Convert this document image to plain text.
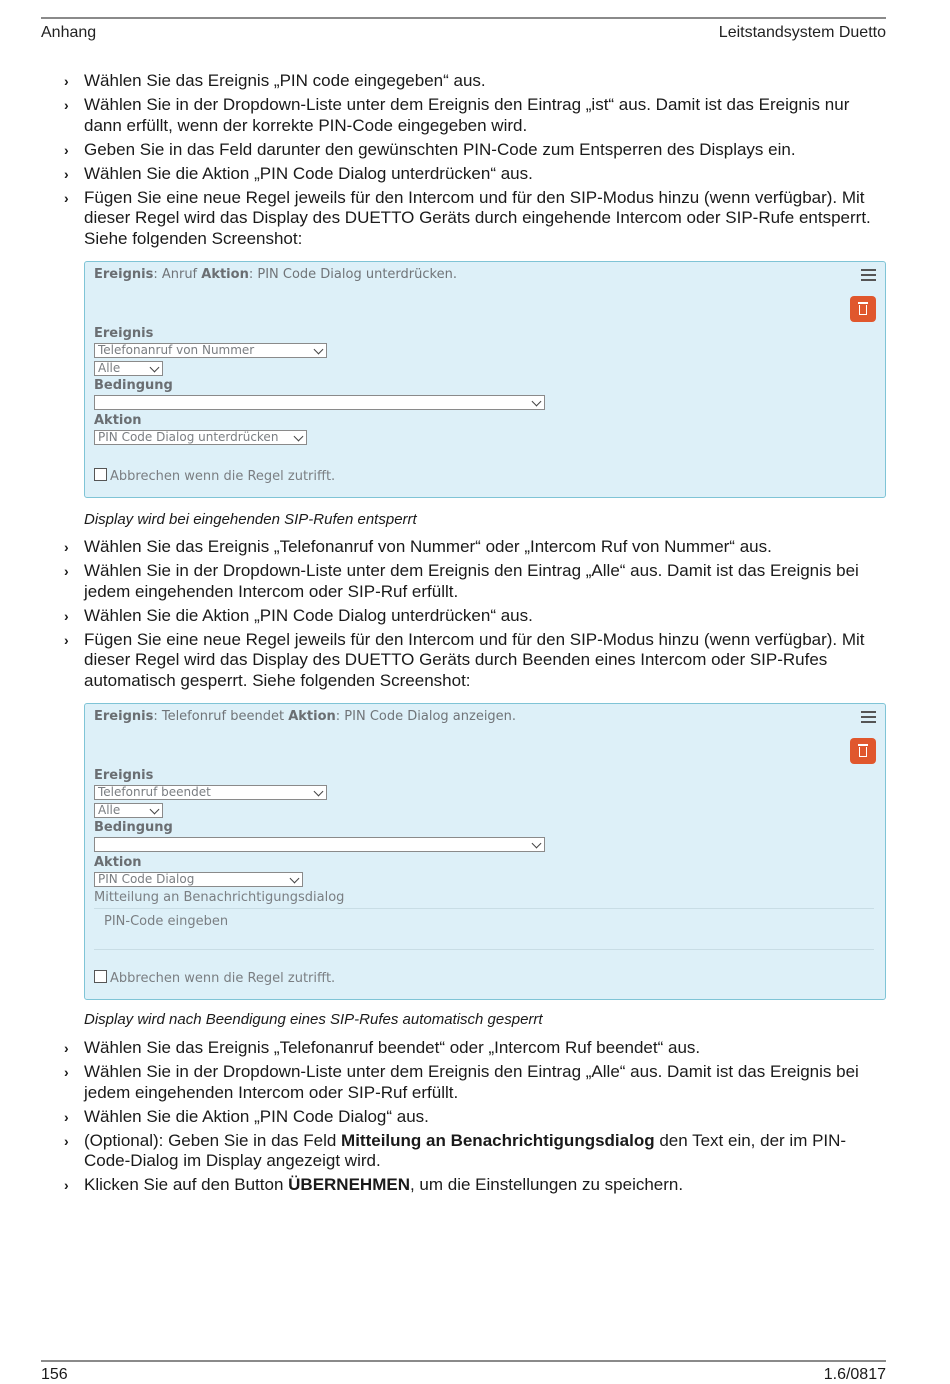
Anhang	Leitstandsystem Duetto
› Wählen Sie das Ereignis „PIN code eingegeben“ aus.
› Wählen Sie in der Dropdown-Liste unter dem Ereignis den Eintrag „ist“ aus. Damit ist das Ereignis nur dann erfüllt, wenn der korrekte PIN-Code eingegeben wird.
› Geben Sie in das Feld darunter den gewünschten PIN-Code zum Entsperren des Displays ein.
› Wählen Sie die Aktion „PIN Code Dialog unterdrücken“ aus.
› Fügen Sie eine neue Regel jeweils für den Intercom und für den SIP-Modus hinzu (wenn verfügbar). Mit dieser Regel wird das Display des DUETTO Geräts durch eingehende Intercom oder SIP-Rufe entsperrt. Siehe folgenden Screenshot:
Ereignis: Anruf Aktion: PIN Code Dialog unterdrücken.
Ereignis
Telefonanruf von Nummer
Alle
Bedingung
Aktion
PIN Code Dialog unterdrücken
Abbrechen wenn die Regel zutrifft.
Display wird bei eingehenden SIP-Rufen entsperrt
› Wählen Sie das Ereignis „Telefonanruf von Nummer“ oder „Intercom Ruf von Nummer“ aus.
› Wählen Sie in der Dropdown-Liste unter dem Ereignis den Eintrag „Alle“ aus. Damit ist das Ereignis bei jedem eingehenden Intercom oder SIP-Ruf erfüllt.
› Wählen Sie die Aktion „PIN Code Dialog unterdrücken“ aus.
› Fügen Sie eine neue Regel jeweils für den Intercom und für den SIP-Modus hinzu (wenn verfügbar). Mit dieser Regel wird das Display des DUETTO Geräts durch Beenden eines Intercom oder SIP-Rufes automatisch gesperrt. Siehe folgenden Screenshot:
Ereignis: Telefonruf beendet Aktion: PIN Code Dialog anzeigen.
Ereignis
Telefonruf beendet
Alle
Bedingung
Aktion
PIN Code Dialog
Mitteilung an Benachrichtigungsdialog
PIN-Code eingeben
Abbrechen wenn die Regel zutrifft.
Display wird nach Beendigung eines SIP-Rufes automatisch gesperrt
› Wählen Sie das Ereignis „Telefonanruf beendet“ oder „Intercom Ruf beendet“ aus.
› Wählen Sie in der Dropdown-Liste unter dem Ereignis den Eintrag „Alle“ aus. Damit ist das Ereignis bei jedem eingehenden Intercom oder SIP-Ruf erfüllt.
› Wählen Sie die Aktion „PIN Code Dialog“ aus.
› (Optional): Geben Sie in das Feld Mitteilung an Benachrichtigungsdialog den Text ein, der im PIN-Code-Dialog im Display angezeigt wird.
› Klicken Sie auf den Button ÜBERNEHMEN, um die Einstellungen zu speichern.
156	1.6/0817
